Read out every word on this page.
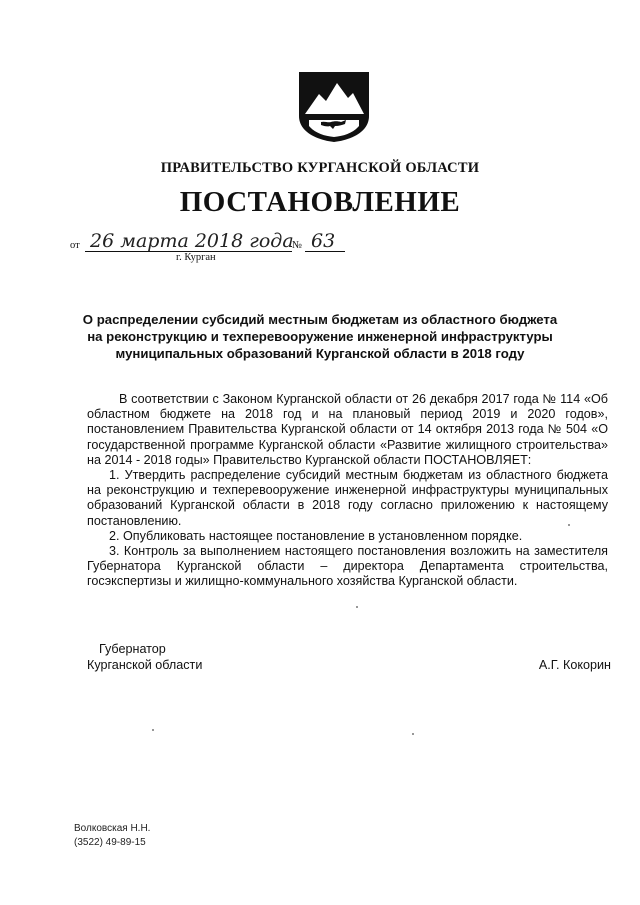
ПРАВИТЕЛЬСТВО КУРГАНСКОЙ ОБЛАСТИ
ПОСТАНОВЛЕНИЕ
от 26 марта 2018 года
№ 63
г. Курган
О распределении субсидий местным бюджетам из областного бюджета
на реконструкцию и техперевооружение инженерной инфраструктуры
муниципальных образований Курганской области в 2018 году

В соответствии с Законом Курганской области от 26 декабря 2017 года № 114 «Об областном бюджете на 2018 год и на плановый период 2019 и 2020 годов», постановлением Правительства Курганской области от 14 октября 2013 года № 504 «О государственной программе Курганской области «Развитие жилищного строительства» на 2014 - 2018 годы» Правительство Курганской области ПОСТАНОВЛЯЕТ:

1. Утвердить распределение субсидий местным бюджетам из областного бюджета на реконструкцию и техперевооружение инженерной инфраструктуры муниципальных образований Курганской области в 2018 году согласно приложению к настоящему постановлению.

2. Опубликовать настоящее постановление в установленном порядке.

3. Контроль за выполнением настоящего постановления возложить на заместителя Губернатора Курганской области – директора Департамента строительства, госэкспертизы и жилищно-коммунального хозяйства Курганской области.

Губернатор
Курганской области	А.Г. Кокорин
Волковская Н.Н.
(3522) 49-89-15
